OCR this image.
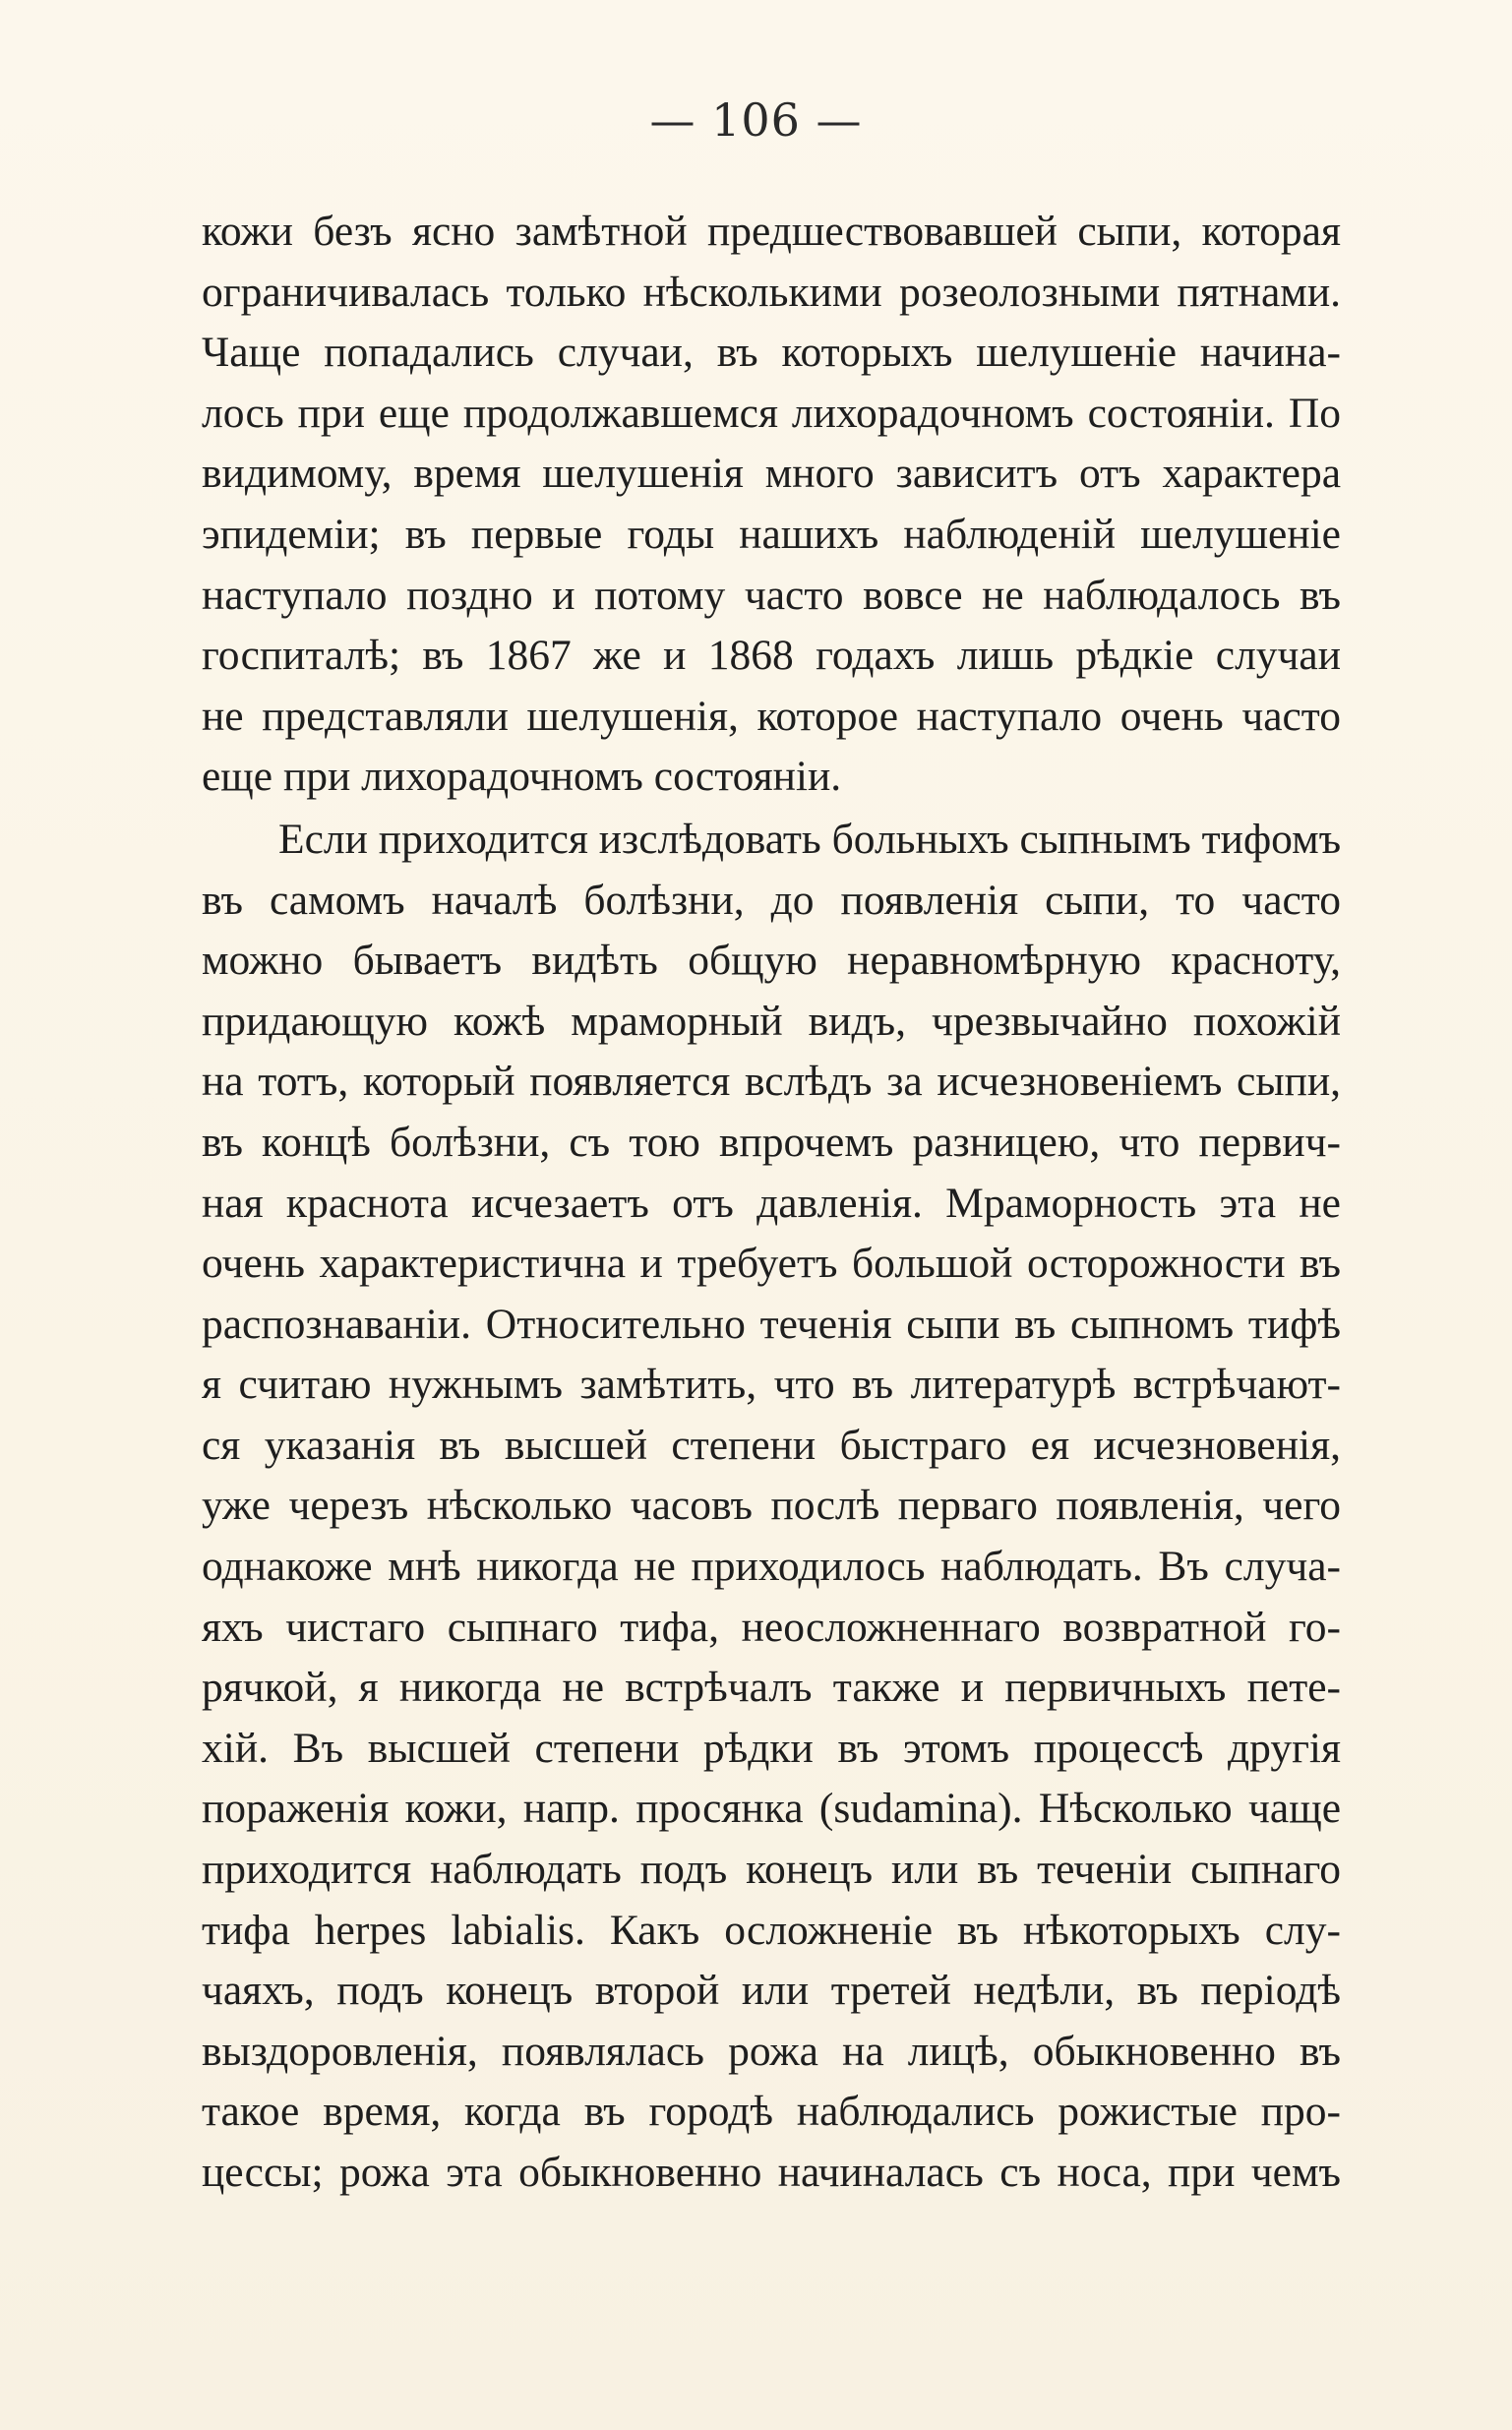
— 106 —
кожи безъ ясно замѣтной предшествовавшей сыпи, которая
ограничивалась только нѣсколькими розеолозными пятнами.
Чаще попадались случаи, въ которыхъ шелушеніе начина-
лось при еще продолжавшемся лихорадочномъ состояніи. По
видимому, время шелушенія много зависитъ отъ характера
эпидеміи; въ первые годы нашихъ наблюденій шелушеніе
наступало поздно и потому часто вовсе не наблюдалось въ
госпиталѣ; въ 1867 же и 1868 годахъ лишь рѣдкіе случаи
не представляли шелушенія, которое наступало очень часто
еще при лихорадочномъ состояніи.
Если приходится изслѣдовать больныхъ сыпнымъ тифомъ
въ самомъ началѣ болѣзни, до появленія сыпи, то часто
можно бываетъ видѣть общую неравномѣрную красноту,
придающую кожѣ мраморный видъ, чрезвычайно похожій
на тотъ, который появляется вслѣдъ за исчезновеніемъ сыпи,
въ концѣ болѣзни, съ тою впрочемъ разницею, что первич-
ная краснота исчезаетъ отъ давленія. Мраморность эта не
очень характеристична и требуетъ большой осторожности въ
распознаваніи. Относительно теченія сыпи въ сыпномъ тифѣ
я считаю нужнымъ замѣтить, что въ литературѣ встрѣчают-
ся указанія въ высшей степени быстраго ея исчезновенія,
уже черезъ нѣсколько часовъ послѣ перваго появленія, чего
однакоже мнѣ никогда не приходилось наблюдать. Въ случа-
яхъ чистаго сыпнаго тифа, неосложненнаго возвратной го-
рячкой, я никогда не встрѣчалъ также и первичныхъ пете-
хій. Въ высшей степени рѣдки въ этомъ процессѣ другія
пораженія кожи, напр. просянка (sudamina). Нѣсколько чаще
приходится наблюдать подъ конецъ или въ теченіи сыпнаго
тифа herpes labialis. Какъ осложненіе въ нѣкоторыхъ слу-
чаяхъ, подъ конецъ второй или третей недѣли, въ періодѣ
выздоровленія, появлялась рожа на лицѣ, обыкновенно въ
такое время, когда въ городѣ наблюдались рожистые про-
цессы; рожа эта обыкновенно начиналась съ носа, при чемъ
